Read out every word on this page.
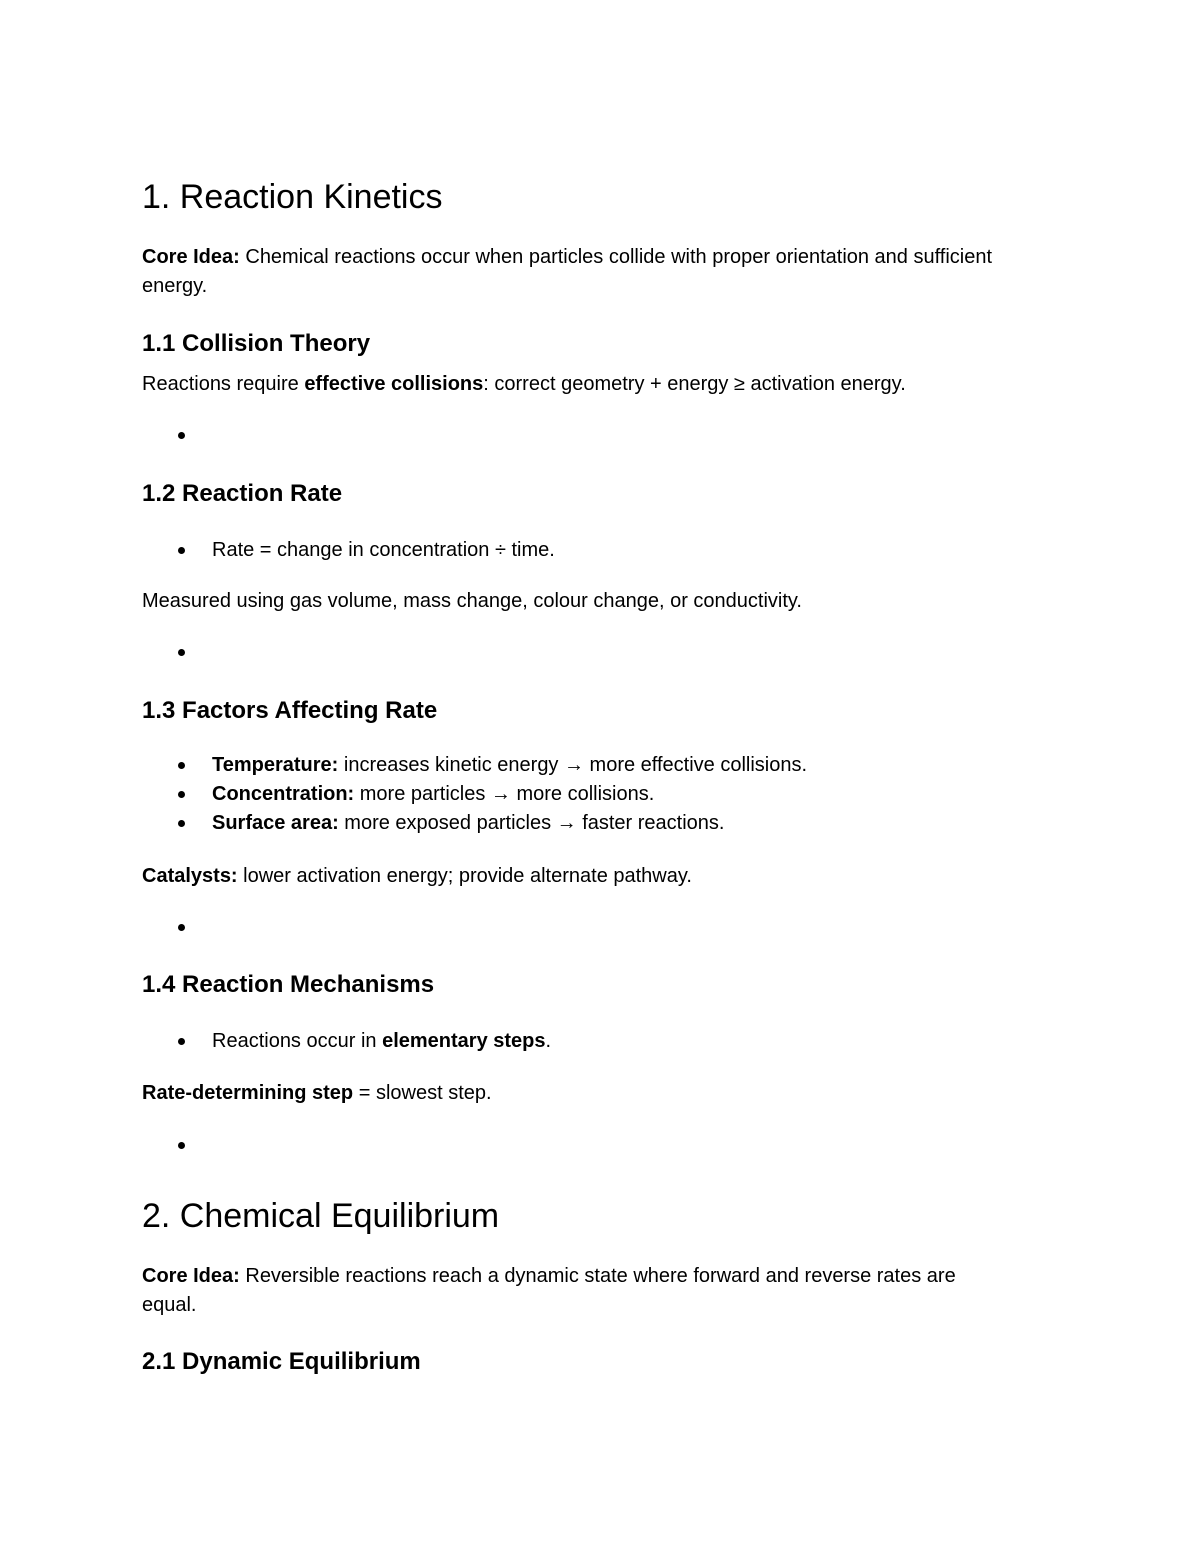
1. Reaction Kinetics
Core Idea: Chemical reactions occur when particles collide with proper orientation and sufficient
energy.
1.1 Collision Theory
Reactions require effective collisions: correct geometry + energy ≥ activation energy.
1.2 Reaction Rate
Rate = change in concentration ÷ time.
Measured using gas volume, mass change, colour change, or conductivity.
1.3 Factors Affecting Rate
Temperature: increases kinetic energy → more effective collisions.
Concentration: more particles → more collisions.
Surface area: more exposed particles → faster reactions.
Catalysts: lower activation energy; provide alternate pathway.
1.4 Reaction Mechanisms
Reactions occur in elementary steps.
Rate-determining step = slowest step.
2. Chemical Equilibrium
Core Idea: Reversible reactions reach a dynamic state where forward and reverse rates are
equal.
2.1 Dynamic Equilibrium
